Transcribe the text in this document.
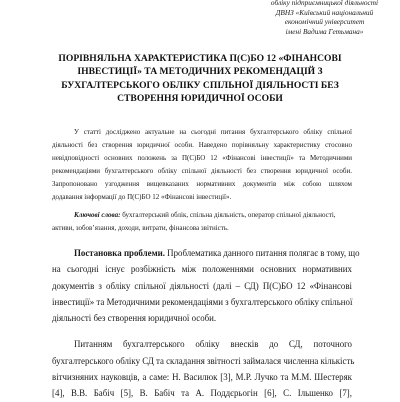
обліку підприємницької діяльності
ДВНЗ «Київський національний
економічний університет
імені Вадима Гетьмана»
ПОРІВНЯЛЬНА ХАРАКТЕРИСТИКА П(С)БО 12 «ФІНАНСОВІ
ІНВЕСТИЦІЇ» ТА МЕТОДИЧНИХ РЕКОМЕНДАЦІЙ З
БУХГАЛТЕРСЬКОГО ОБЛІКУ СПІЛЬНОЇ ДІЯЛЬНОСТІ БЕЗ
СТВОРЕННЯ ЮРИДИЧНОЇ ОСОБИ
У статті досліджено актуальне на сьогодні питання бухгалтерського обліку спільної
діяльності без створення юридичної особи. Наведено порівняльну характеристику стосовно
невідповідності основних положень за П(С)БО 12 «Фінансові інвестиції» та Методичними
рекомендаціями бухгалтерського обліку спільної діяльності без створення юридичної особи.
Запропоновано узгодження вищевказаних нормативних документів між собою шляхом
додавання інформації до П(С)БО 12 «Фінансові інвестиції».
Ключові слова: бухгалтерський облік, спільна діяльність, оператор спільної діяльності,
активи, зобов’язання, доходи, витрати, фінансова звітність.
Постановка проблеми. Проблематика данного питання полягає в тому, що
на сьогодні існує розбіжність між положеннями основних нормативних
документів з обліку спільної діяльності (далі – СД) П(С)БО 12 «Фінансові
інвестиції» та Методичними рекомендаціями з бухгалтерського обліку спільної
діяльності без створення юридичної особи.
Питанням бухгалтерського обліку внесків до СД, поточного
бухгалтерського обліку СД та складання звітності займалася численна кількість
вітчизняних науковців, а саме: Н. Василюк [3], М.Р. Лучко та М.М. Шестеряк
[4], В.В. Бабіч [5], В. Бабіч та А. Поддєрьогін [6], С. Ільшенко [7],
